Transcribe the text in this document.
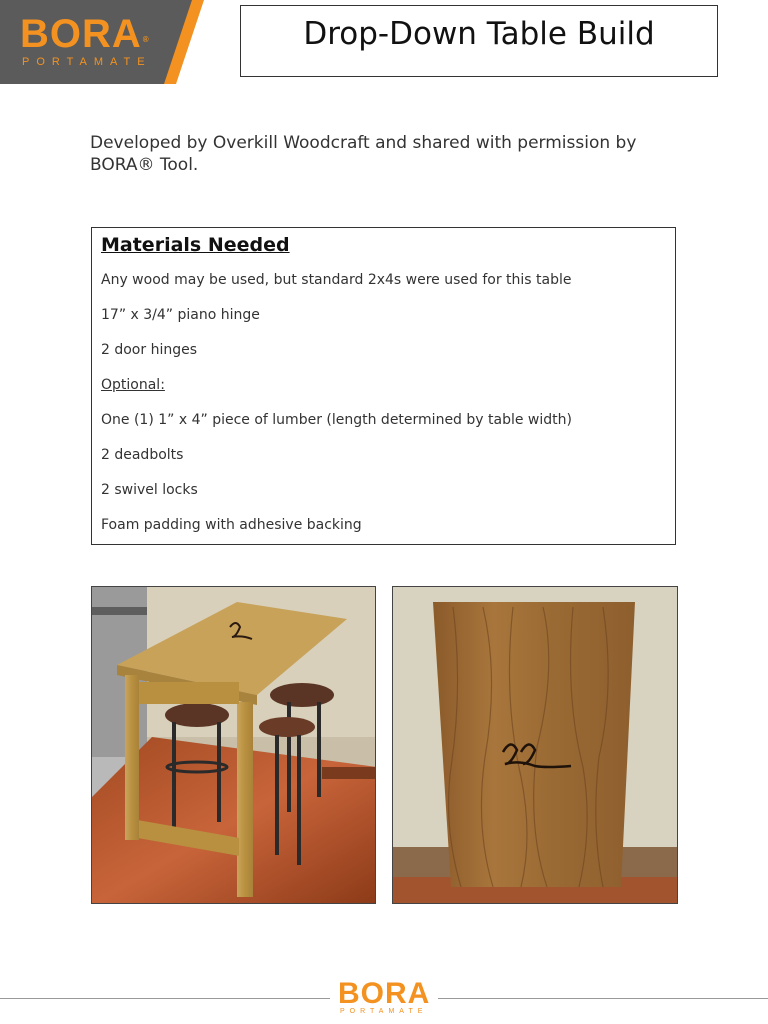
BORA®
PORTAMATE
Drop-Down Table Build
Developed by Overkill Woodcraft and shared with permission by BORA® Tool.
Materials Needed
Any wood may be used, but standard 2x4s were used for this table
17” x 3/4” piano hinge
2 door hinges
Optional:
One (1) 1” x 4” piece of lumber (length determined by table width)
2 deadbolts
2 swivel locks
Foam padding with adhesive backing
BORA
PORTAMATE
